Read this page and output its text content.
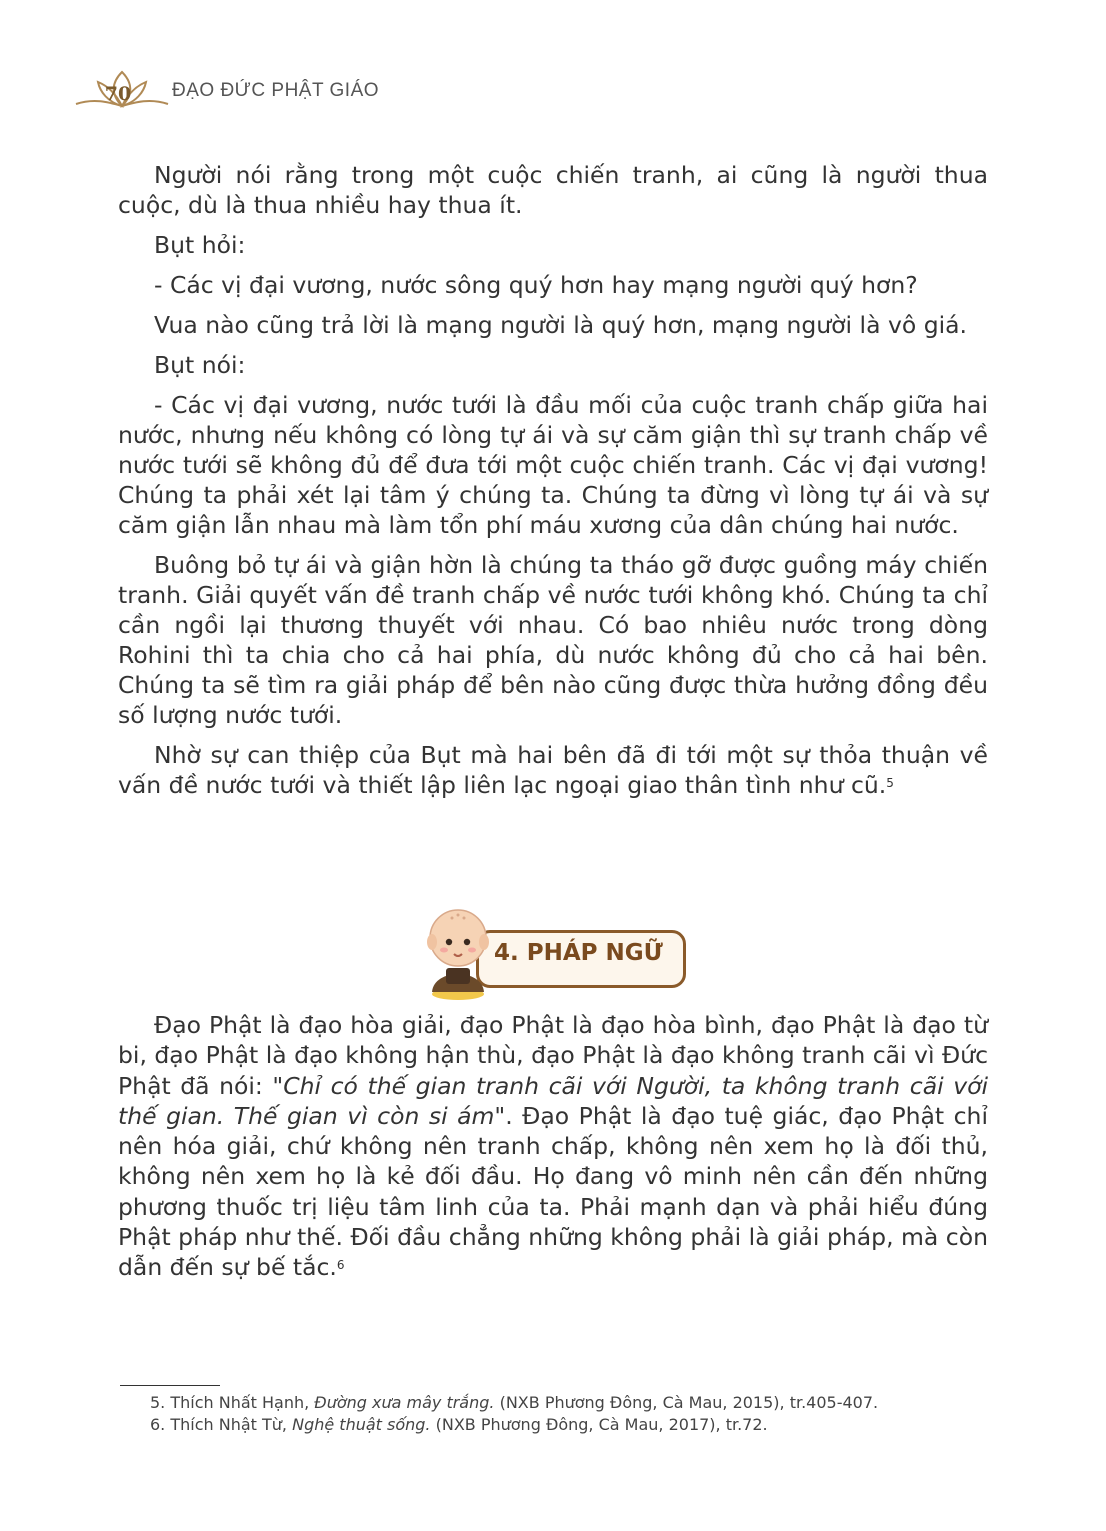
70 ĐẠO ĐỨC PHẬT GIÁO

Người nói rằng trong một cuộc chiến tranh, ai cũng là người thua cuộc, dù là thua nhiều hay thua ít.

Bụt hỏi:

- Các vị đại vương, nước sông quý hơn hay mạng người quý hơn?

Vua nào cũng trả lời là mạng người là quý hơn, mạng người là vô giá.

Bụt nói:

- Các vị đại vương, nước tưới là đầu mối của cuộc tranh chấp giữa hai nước, nhưng nếu không có lòng tự ái và sự căm giận thì sự tranh chấp về nước tưới sẽ không đủ để đưa tới một cuộc chiến tranh. Các vị đại vương! Chúng ta phải xét lại tâm ý chúng ta. Chúng ta đừng vì lòng tự ái và sự căm giận lẫn nhau mà làm tổn phí máu xương của dân chúng hai nước.

Buông bỏ tự ái và giận hờn là chúng ta tháo gỡ được guồng máy chiến tranh. Giải quyết vấn đề tranh chấp về nước tưới không khó. Chúng ta chỉ cần ngồi lại thương thuyết với nhau. Có bao nhiêu nước trong dòng Rohini thì ta chia cho cả hai phía, dù nước không đủ cho cả hai bên. Chúng ta sẽ tìm ra giải pháp để bên nào cũng được thừa hưởng đồng đều số lượng nước tưới.

Nhờ sự can thiệp của Bụt mà hai bên đã đi tới một sự thỏa thuận về vấn đề nước tưới và thiết lập liên lạc ngoại giao thân tình như cũ.$^5$

4. PHÁP NGỮ

Đạo Phật là đạo hòa giải, đạo Phật là đạo hòa bình, đạo Phật là đạo từ bi, đạo Phật là đạo không hận thù, đạo Phật là đạo không tranh cãi vì Đức Phật đã nói: "Chỉ có thế gian tranh cãi với Người, ta không tranh cãi với thế gian. Thế gian vì còn si ám". Đạo Phật là đạo tuệ giác, đạo Phật chỉ nên hóa giải, chứ không nên tranh chấp, không nên xem họ là đối thủ, không nên xem họ là kẻ đối đầu. Họ đang vô minh nên cần đến những phương thuốc trị liệu tâm linh của ta. Phải mạnh dạn và phải hiểu đúng Phật pháp như thế. Đối đầu chẳng những không phải là giải pháp, mà còn dẫn đến sự bế tắc.$^6$

5. Thích Nhất Hạnh, Đường xưa mây trắng. (NXB Phương Đông, Cà Mau, 2015), tr.405-407.

6. Thích Nhật Từ, Nghệ thuật sống. (NXB Phương Đông, Cà Mau, 2017), tr.72.
